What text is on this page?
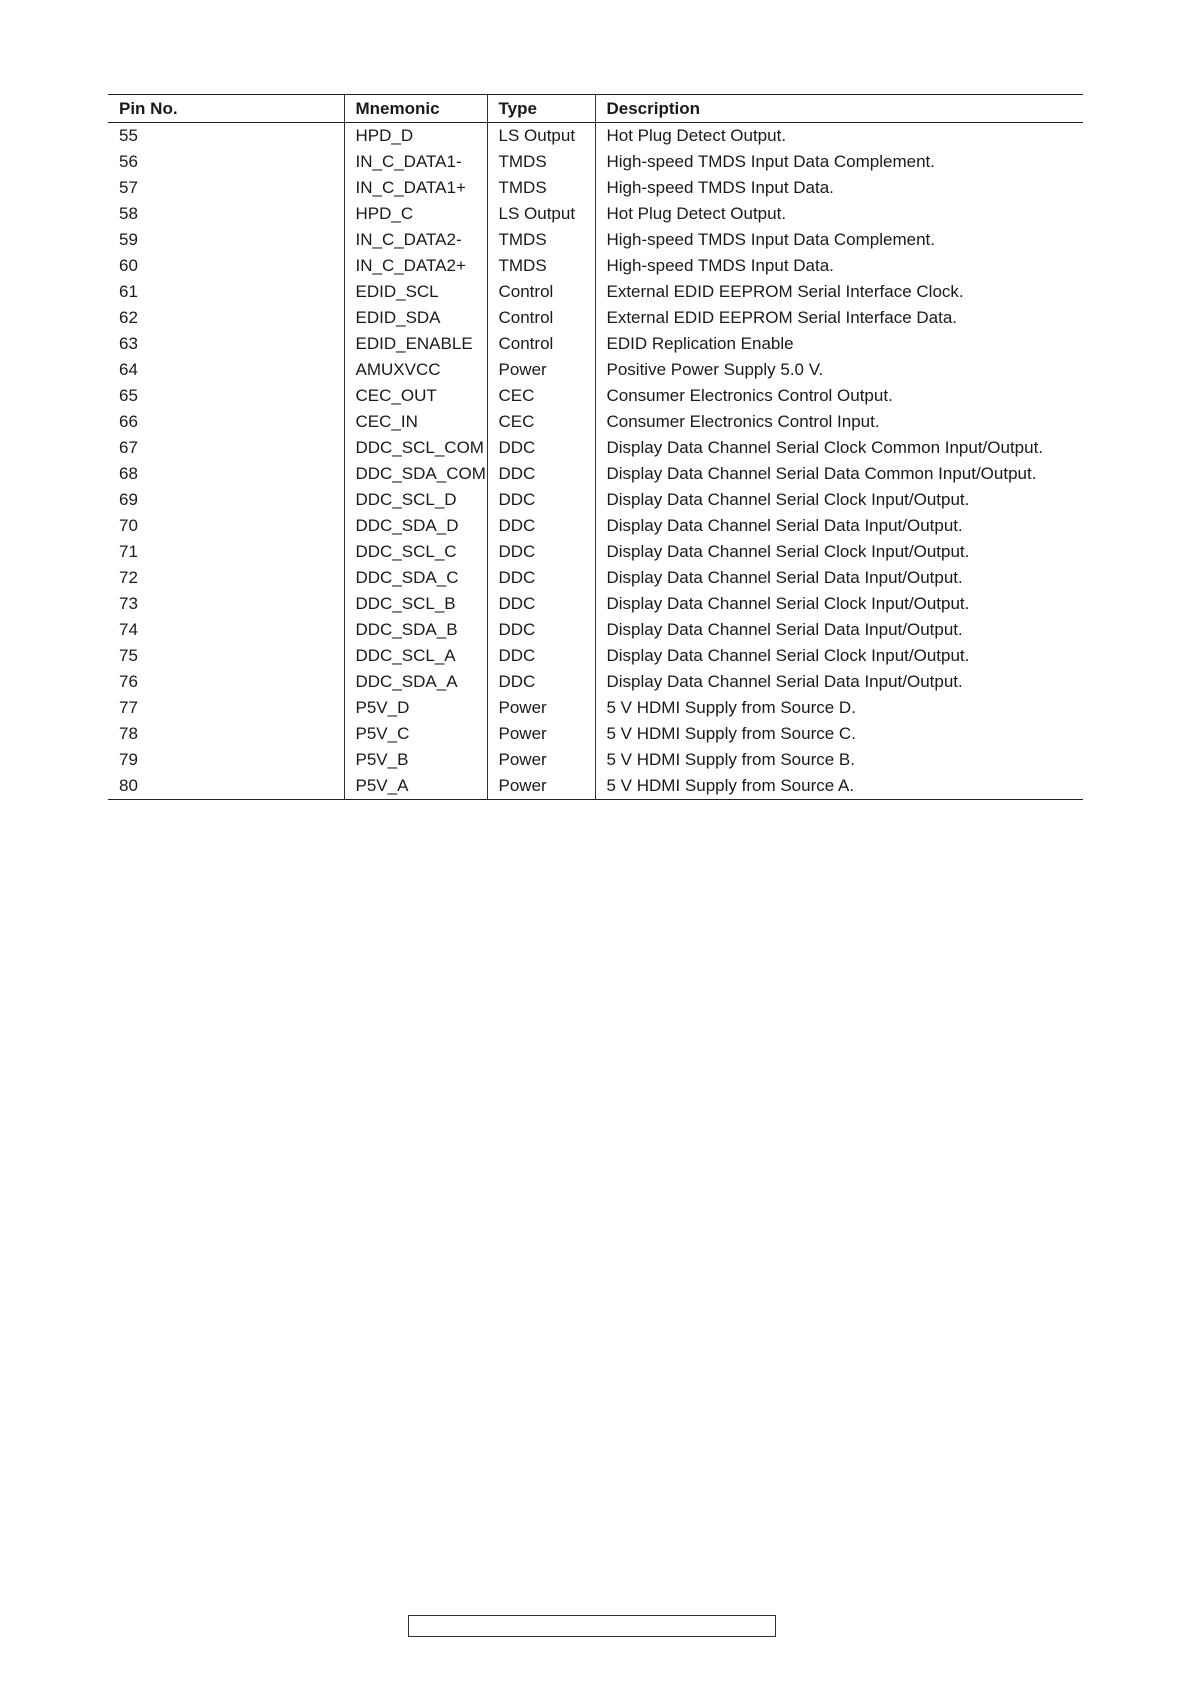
Pin No.	Mnemonic	Type	Description
55	HPD_D	LS Output	Hot Plug Detect Output.
56	IN_C_DATA1-	TMDS	High-speed TMDS Input Data Complement.
57	IN_C_DATA1+	TMDS	High-speed TMDS Input Data.
58	HPD_C	LS Output	Hot Plug Detect Output.
59	IN_C_DATA2-	TMDS	High-speed TMDS Input Data Complement.
60	IN_C_DATA2+	TMDS	High-speed TMDS Input Data.
61	EDID_SCL	Control	External EDID EEPROM Serial Interface Clock.
62	EDID_SDA	Control	External EDID EEPROM Serial Interface Data.
63	EDID_ENABLE	Control	EDID Replication Enable
64	AMUXVCC	Power	Positive Power Supply 5.0 V.
65	CEC_OUT	CEC	Consumer Electronics Control Output.
66	CEC_IN	CEC	Consumer Electronics Control Input.
67	DDC_SCL_COM	DDC	Display Data Channel Serial Clock Common Input/Output.
68	DDC_SDA_COM	DDC	Display Data Channel Serial Data Common Input/Output.
69	DDC_SCL_D	DDC	Display Data Channel Serial Clock Input/Output.
70	DDC_SDA_D	DDC	Display Data Channel Serial Data Input/Output.
71	DDC_SCL_C	DDC	Display Data Channel Serial Clock Input/Output.
72	DDC_SDA_C	DDC	Display Data Channel Serial Data Input/Output.
73	DDC_SCL_B	DDC	Display Data Channel Serial Clock Input/Output.
74	DDC_SDA_B	DDC	Display Data Channel Serial Data Input/Output.
75	DDC_SCL_A	DDC	Display Data Channel Serial Clock Input/Output.
76	DDC_SDA_A	DDC	Display Data Channel Serial Data Input/Output.
77	P5V_D	Power	5 V HDMI Supply from Source D.
78	P5V_C	Power	5 V HDMI Supply from Source C.
79	P5V_B	Power	5 V HDMI Supply from Source B.
80	P5V_A	Power	5 V HDMI Supply from Source A.
